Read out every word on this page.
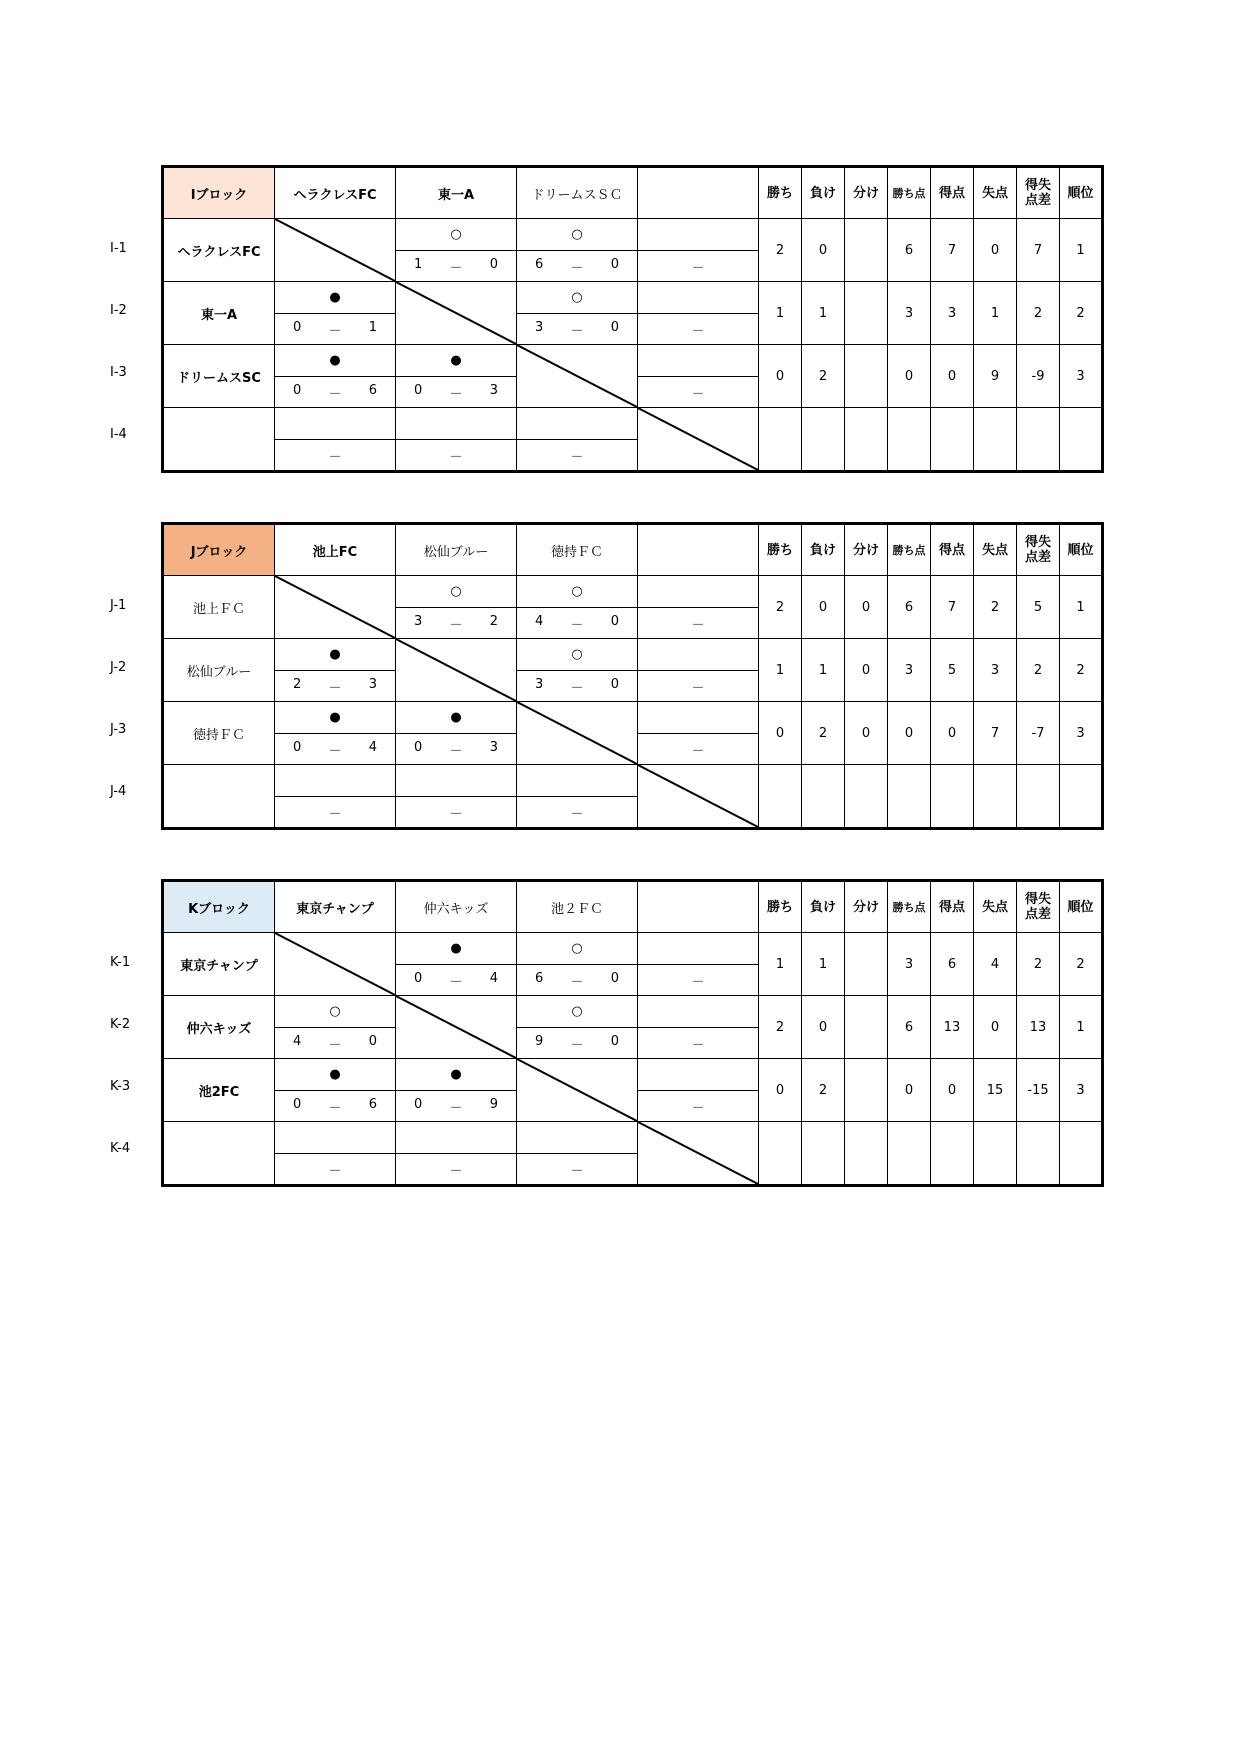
I-1
I-2
I-3
I-4
Iブロック	ヘラクレスFC	東一A	ドリームスＳＣ		勝ち	負け	分け	勝ち点	得点	失点	得失点差	順位
ヘラクレスFC		○	○		2	0		6	7	0	7	1

		1 － 0	6 － 0	－								

東一A	●		○		1	1		3	3	1	2	2

	0 － 1		3 － 0	－								

ドリームスSC	●	●			0	2		0	0	9	-9	3

	0 － 6	0 － 3		－								

	－	－	－									
J-1
J-2
J-3
J-4
Jブロック	池上FC	松仙ブルー	徳持ＦＣ		勝ち	負け	分け	勝ち点	得点	失点	得失点差	順位
池上ＦＣ		○	○		2	0	0	6	7	2	5	1

		3 － 2	4 － 0	－								

松仙ブルー	●		○		1	1	0	3	5	3	2	2

	2 － 3		3 － 0	－								

徳持ＦＣ	●	●			0	2	0	0	0	7	-7	3

	0 － 4	0 － 3		－								

	－	－	－									
K-1
K-2
K-3
K-4
Kブロック	東京チャンプ	仲六キッズ	池２ＦＣ		勝ち	負け	分け	勝ち点	得点	失点	得失点差	順位
東京チャンプ		●	○		1	1		3	6	4	2	2

		0 － 4	6 － 0	－								

仲六キッズ	○		○		2	0		6	13	0	13	1

	4 － 0		9 － 0	－								

池2FC	●	●			0	2		0	0	15	-15	3

	0 － 6	0 － 9		－								

	－	－	－									
